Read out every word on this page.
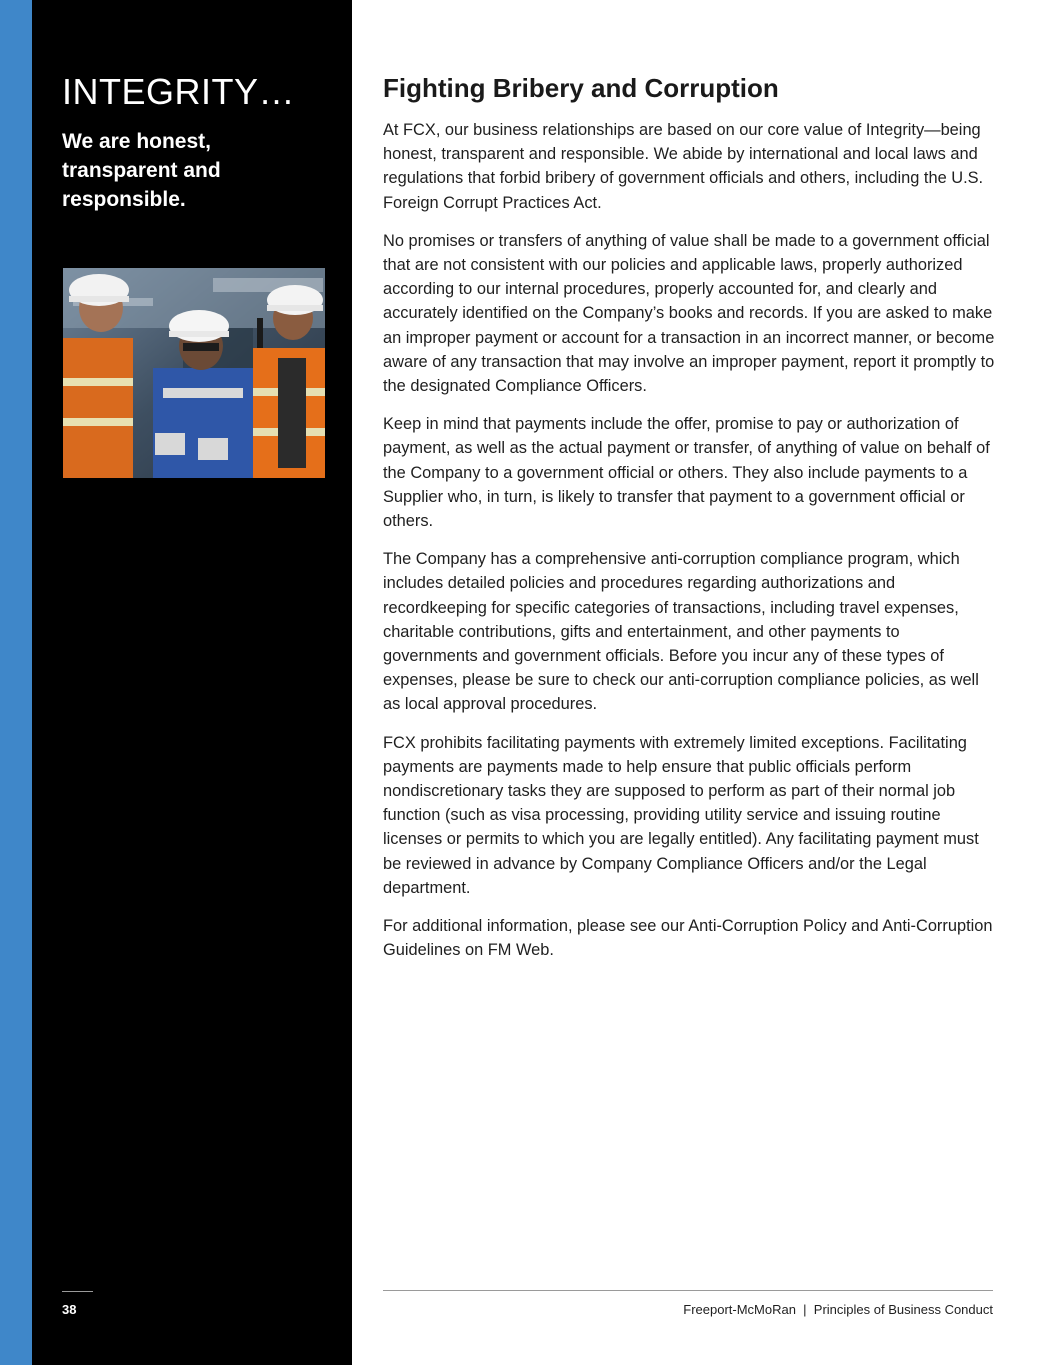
INTEGRITY…

We are honest, transparent and responsible.

38
Fighting Bribery and Corruption

At FCX, our business relationships are based on our core value of Integrity—being honest, transparent and responsible. We abide by international and local laws and regulations that forbid bribery of government officials and others, including the U.S. Foreign Corrupt Practices Act.

No promises or transfers of anything of value shall be made to a government official that are not consistent with our policies and applicable laws, properly authorized according to our internal procedures, properly accounted for, and clearly and accurately identified on the Company’s books and records. If you are asked to make an improper payment or account for a transaction in an incorrect manner, or become aware of any transaction that may involve an improper payment, report it promptly to the designated Compliance Officers.

Keep in mind that payments include the offer, promise to pay or authorization of payment, as well as the actual payment or transfer, of anything of value on behalf of the Company to a government official or others. They also include payments to a Supplier who, in turn, is likely to transfer that payment to a government official or others.

The Company has a comprehensive anti-corruption compliance program, which includes detailed policies and procedures regarding authorizations and recordkeeping for specific categories of transactions, including travel expenses, charitable contributions, gifts and entertainment, and other payments to governments and government officials. Before you incur any of these types of expenses, please be sure to check our anti-corruption compliance policies, as well as local approval procedures.

FCX prohibits facilitating payments with extremely limited exceptions. Facilitating payments are payments made to help ensure that public officials perform nondiscretionary tasks they are supposed to perform as part of their normal job function (such as visa processing, providing utility service and issuing routine licenses or permits to which you are legally entitled). Any facilitating payment must be reviewed in advance by Company Compliance Officers and/or the Legal department.

For additional information, please see our Anti-Corruption Policy and Anti-Corruption Guidelines on FM Web.

Freeport-McMoRan  |  Principles of Business Conduct
